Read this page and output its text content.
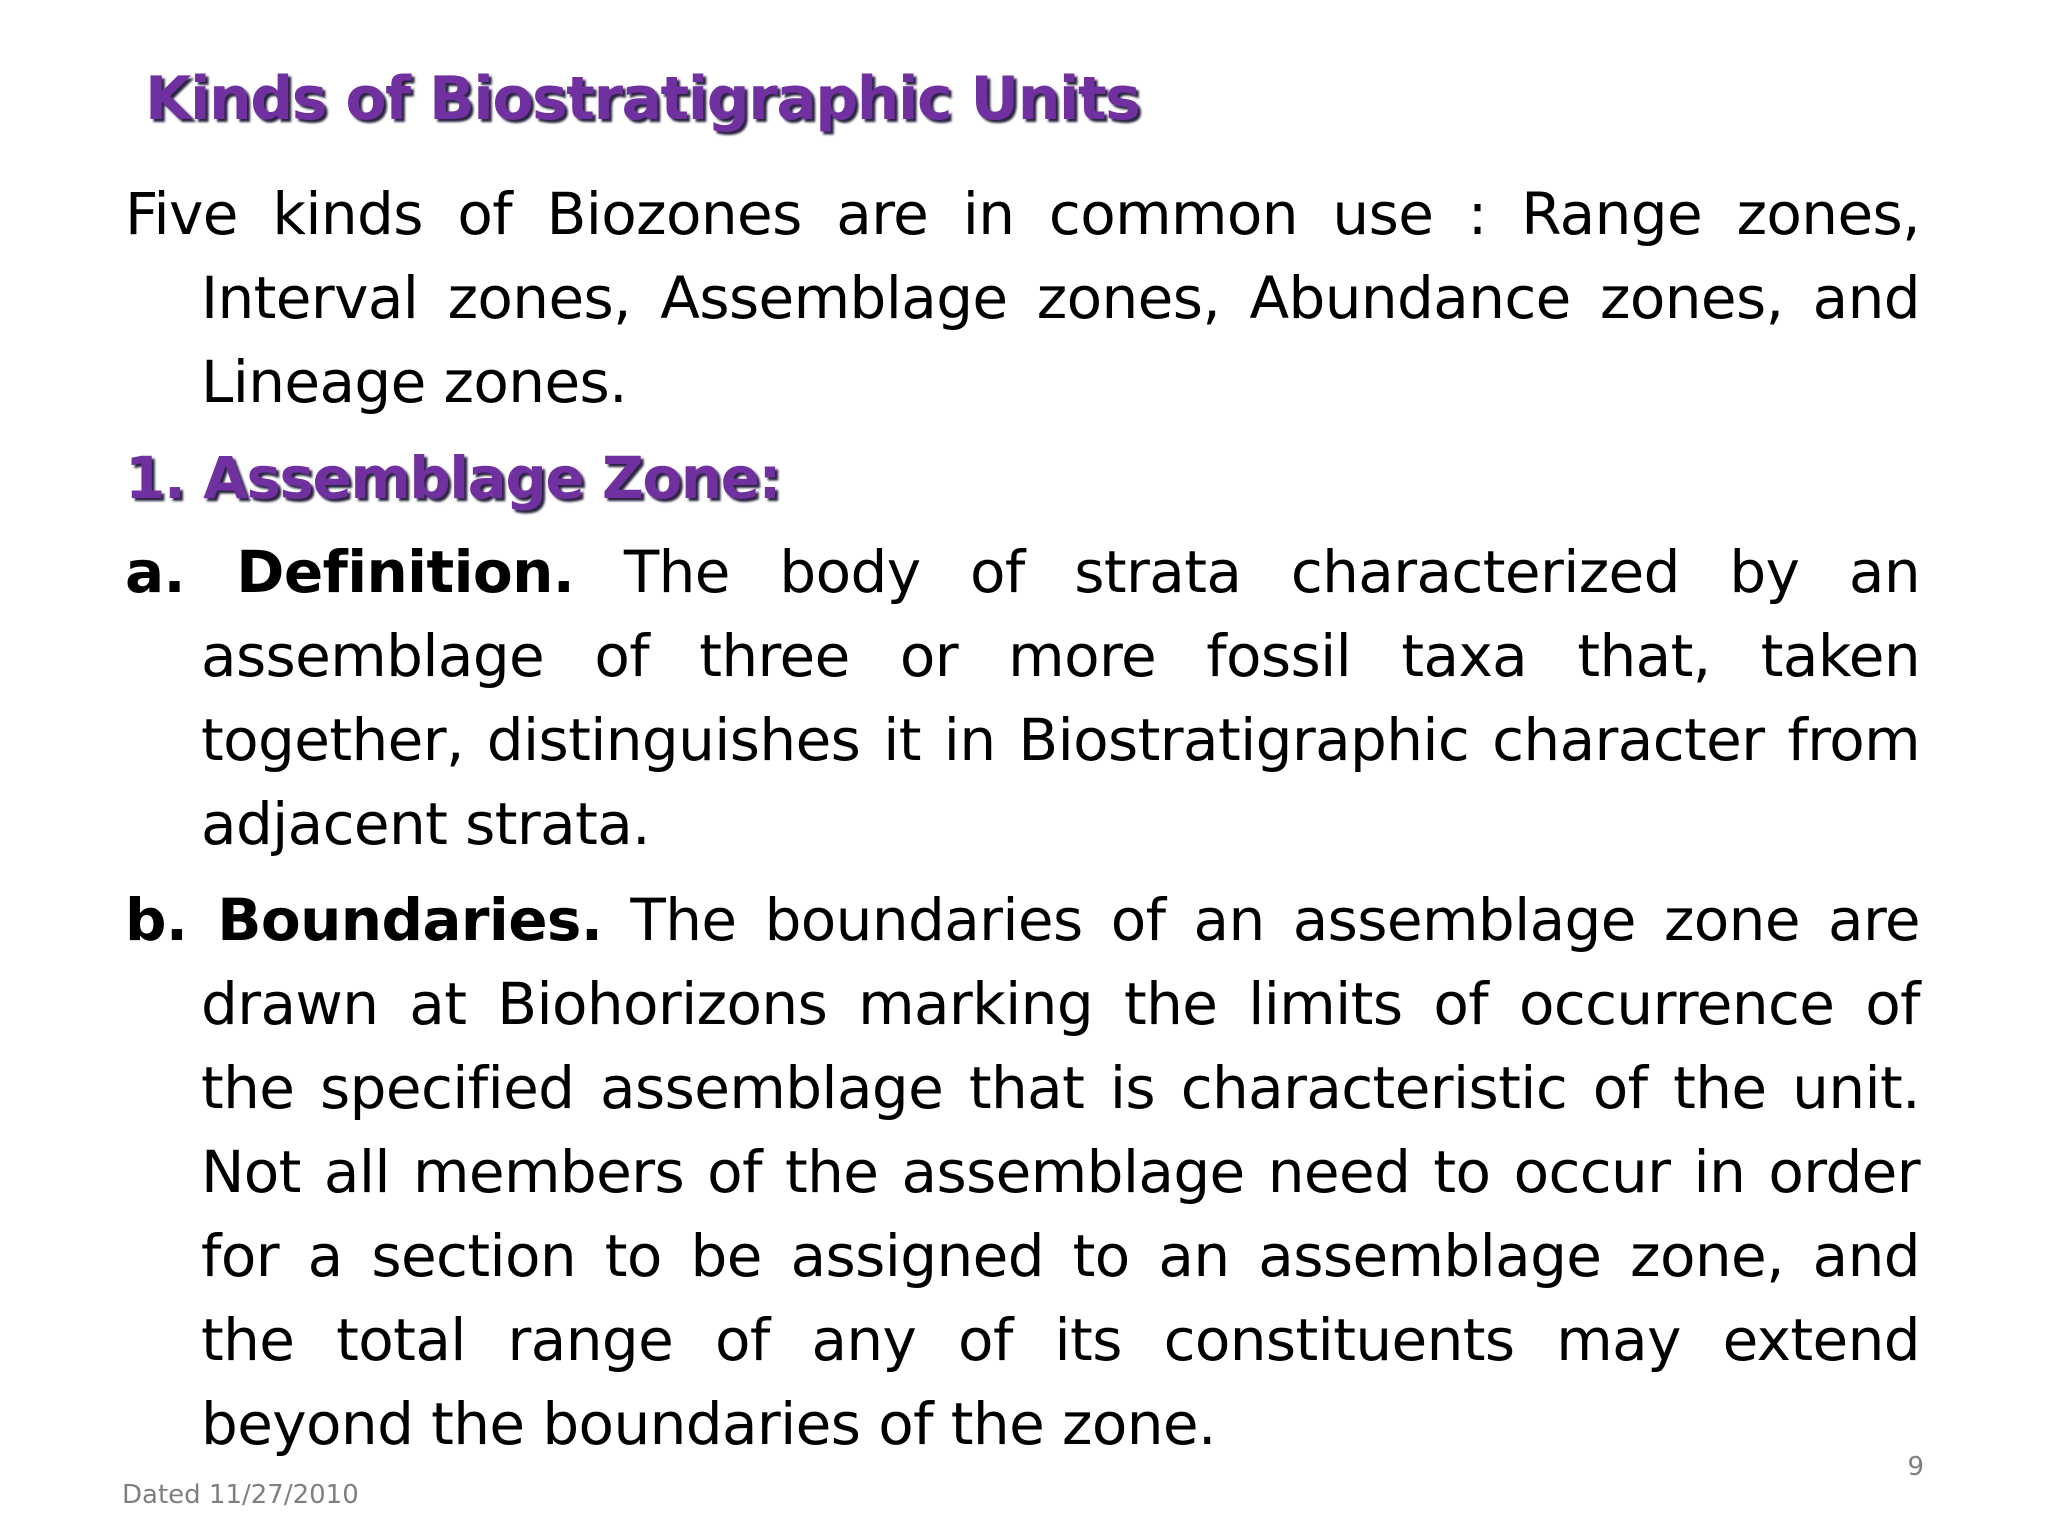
Kinds of Biostratigraphic Units

Five kinds of Biozones are in common use : Range zones, Interval zones, Assemblage zones, Abundance zones, and Lineage zones.

1. Assemblage Zone:

a. Definition. The body of strata characterized by an assemblage of three or more fossil taxa that, taken together, distinguishes it in Biostratigraphic character from adjacent strata.

b. Boundaries. The boundaries of an assemblage zone are drawn at Biohorizons marking the limits of occurrence of the specified assemblage that is characteristic of the unit. Not all members of the assemblage need to occur in order for a section to be assigned to an assemblage zone, and the total range of any of its constituents may extend beyond the boundaries of the zone.

Dated 11/27/2010
9
